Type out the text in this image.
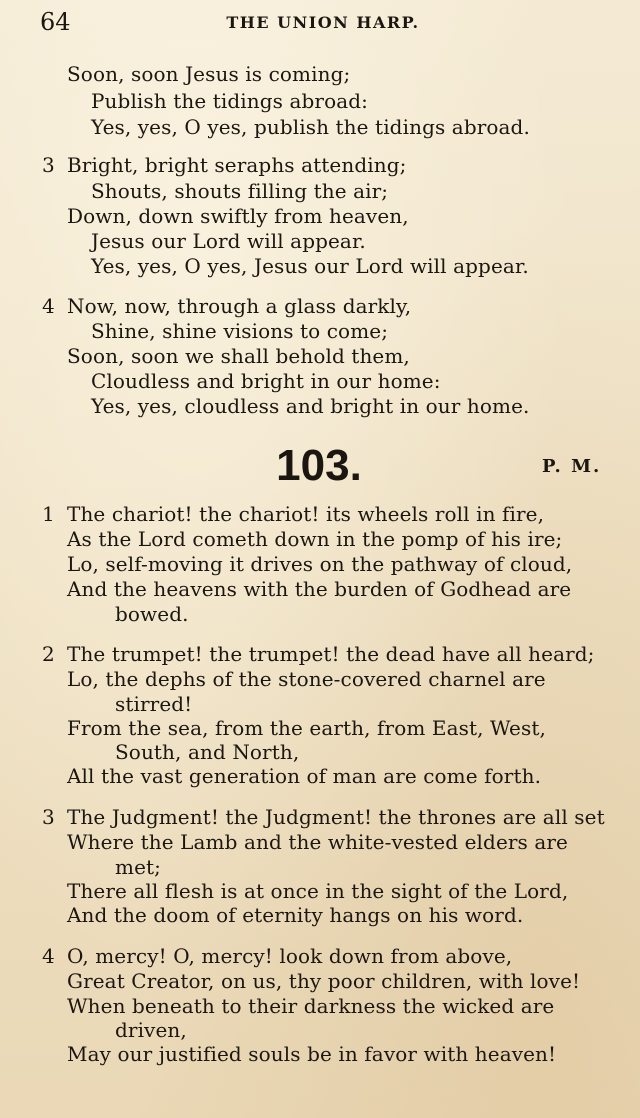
64	THE UNION HARP.
Soon, soon Jesus is coming;
Publish the tidings abroad:
Yes, yes, O yes, publish the tidings abroad.
3 Bright, bright seraphs attending;
Shouts, shouts filling the air;
Down, down swiftly from heaven,
Jesus our Lord will appear.
Yes, yes, O yes, Jesus our Lord will appear.
4 Now, now, through a glass darkly,
Shine, shine visions to come;
Soon, soon we shall behold them,
Cloudless and bright in our home:
Yes, yes, cloudless and bright in our home.
103.	P. M.
1 The chariot! the chariot! its wheels roll in fire,
As the Lord cometh down in the pomp of his ire;
Lo, self-moving it drives on the pathway of cloud,
And the heavens with the burden of Godhead are
bowed.
2 The trumpet! the trumpet! the dead have all heard;
Lo, the dephs of the stone-covered charnel are
stirred!
From the sea, from the earth, from East, West,
South, and North,
All the vast generation of man are come forth.
3 The Judgment! the Judgment! the thrones are all set
Where the Lamb and the white-vested elders are
met;
There all flesh is at once in the sight of the Lord,
And the doom of eternity hangs on his word.
4 O, mercy! O, mercy! look down from above,
Great Creator, on us, thy poor children, with love!
When beneath to their darkness the wicked are
driven,
May our justified souls be in favor with heaven!
